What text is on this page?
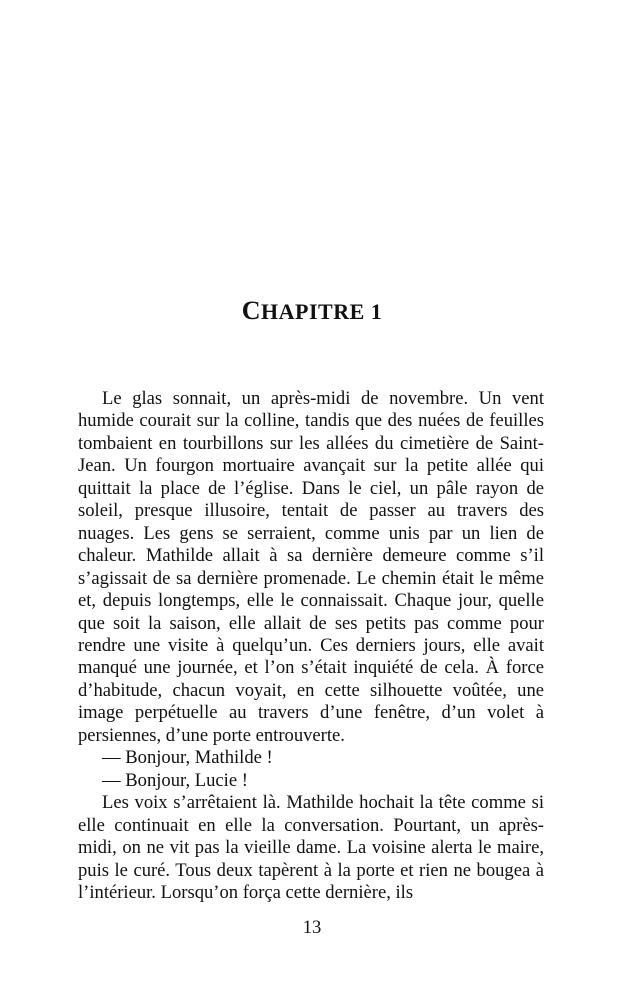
CHAPITRE 1

Le glas sonnait, un après-midi de novembre. Un vent humide courait sur la colline, tandis que des nuées de feuilles tombaient en tourbillons sur les allées du cimetière de Saint-Jean. Un fourgon mortuaire avançait sur la petite allée qui quittait la place de l’église. Dans le ciel, un pâle rayon de soleil, presque illusoire, tentait de passer au travers des nuages. Les gens se serraient, comme unis par un lien de chaleur. Mathilde allait à sa dernière demeure comme s’il s’agissait de sa dernière promenade. Le chemin était le même et, depuis longtemps, elle le connaissait. Chaque jour, quelle que soit la saison, elle allait de ses petits pas comme pour rendre une visite à quelqu’un. Ces derniers jours, elle avait manqué une journée, et l’on s’était inquiété de cela. À force d’habitude, chacun voyait, en cette silhouette voûtée, une image perpétuelle au travers d’une fenêtre, d’un volet à persiennes, d’une porte entrouverte.

— Bonjour, Mathilde !

— Bonjour, Lucie !

Les voix s’arrêtaient là. Mathilde hochait la tête comme si elle continuait en elle la conversation. Pourtant, un après-midi, on ne vit pas la vieille dame. La voisine alerta le maire, puis le curé. Tous deux tapèrent à la porte et rien ne bougea à l’intérieur. Lorsqu’on força cette dernière, ils

13
